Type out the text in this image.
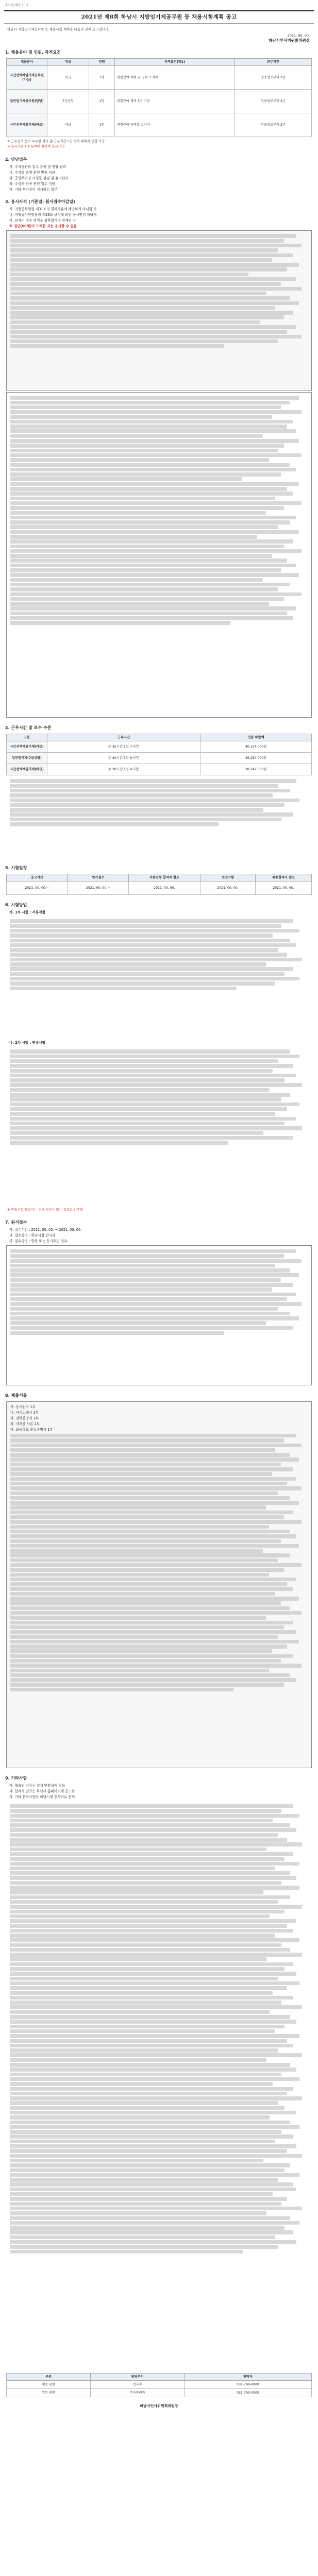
게시판(채용공고)
2021년 제8회 하남시 지방임기제공무원 등 채용시험계획 공고
하남시 지방임기제공무원 등 채용시험 계획을 다음과 같이 공고합니다.
2021. 00. 00.
하남시인사위원회위원장
1. 채용분야 및 인원, 자격요건
채용분야	직급	인원	자격요건(택1)	근무기간
시간선택제임기제공무원(가급)	마급	1명	관련분야 학위 및 경력 소지자	임용일로부터 2년
일반임기제공무원(담당)	7급상당	1명	관련분야 경력 3년 이상	임용일로부터 2년
시간선택제임기제(마급)	마급	1명	관련분야 자격증 소지자	임용일로부터 2년

※ 근무실적 등이 우수한 경우 총 근무기간 5년 범위 내에서 연장 가능

※ 응시자는 1개 분야에 한하여 응시 가능

2. 담당업무

가. 주차장관리 업무 총괄 및 현황 관리

나. 주차장 운영 관련 민원 처리

다. 공영주차장 시설물 점검 및 유지관리

라. 주정차 단속 관련 업무 지원

마. 기타 부서장이 지시하는 업무

3. 응시자격 (기준일: 원서접수마감일)

가. 지방공무원법 제31조의 결격사유에 해당하지 아니한 자

나. 지방공무원임용령 제19조 규정에 의한 응시연령 해당자

다. 남자의 경우 병역을 필하였거나 면제된 자

※ 정년(60세)이 도래한 자는 응시할 수 없음

4. 근무시간 및 보수 수준
구분	근무시간	연봉 하한액
시간선택제임기제(가급)	주 35시간(1일 7시간)	40,154,000원
일반임기제(7급상당)	주 40시간(1일 8시간)	35,260,000원
시간선택제임기제(마급)	주 20시간(1일 4시간)	20,147,000원
5. 시험일정
공고기간	원서접수	서류전형 합격자 발표	면접시험	최종합격자 발표
2021. 00. 00.~	2021. 00. 00.~	2021. 00. 00.	2021. 00. 00.	2021. 00. 00.
6. 시험방법

가. 1차 시험 : 서류전형

나. 2차 시험 : 면접시험

※ 면접시험 불참자는 응시 의사가 없는 것으로 간주함

7. 원서접수

가. 접수기간 : 2021. 00. 00. ~ 2021. 00. 00.

나. 접수장소 : 하남시청 인사과

다. 접수방법 : 방문 또는 등기우편 접수

8. 제출서류

가. 응시원서 1부

나. 자기소개서 1부

다. 경력증명서 1부

라. 자격증 사본 1부

마. 최종학교 졸업증명서 1부

9. 기타사항

가. 제출된 서류는 일체 반환하지 않음

나. 합격자 발표는 하남시 홈페이지에 공고함

다. 기타 문의사항은 하남시청 인사과로 문의

구분	담당부서	연락처
채용 관련	인사과	031-790-0000
업무 관련	주차관리과	031-790-0000
하남시인사위원회위원장
